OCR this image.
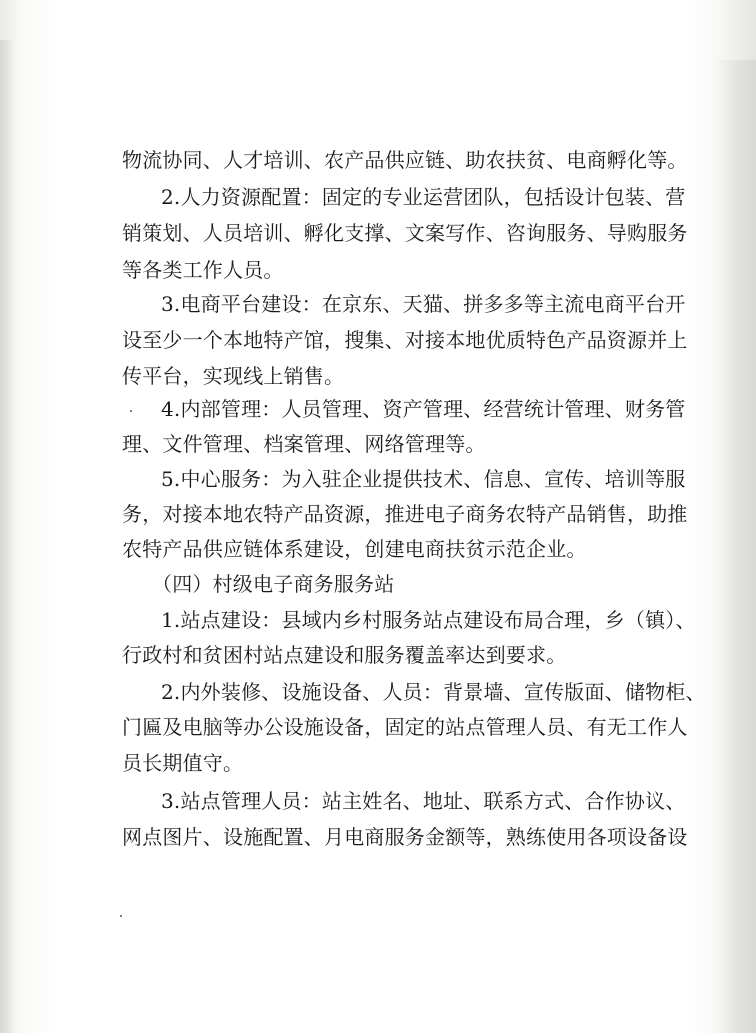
物流协同、人才培训、农产品供应链、助农扶贫、电商孵化等。
2.人力资源配置：固定的专业运营团队，包括设计包装、营
销策划、人员培训、孵化支撑、文案写作、咨询服务、导购服务
等各类工作人员。
3.电商平台建设：在京东、天猫、拼多多等主流电商平台开
设至少一个本地特产馆，搜集、对接本地优质特色产品资源并上
传平台，实现线上销售。
4.内部管理：人员管理、资产管理、经营统计管理、财务管
理、文件管理、档案管理、网络管理等。
5.中心服务：为入驻企业提供技术、信息、宣传、培训等服
务，对接本地农特产品资源，推进电子商务农特产品销售，助推
农特产品供应链体系建设，创建电商扶贫示范企业。
（四）村级电子商务服务站
1.站点建设：县域内乡村服务站点建设布局合理，乡（镇）、
行政村和贫困村站点建设和服务覆盖率达到要求。
2.内外装修、设施设备、人员：背景墙、宣传版面、储物柜、
门匾及电脑等办公设施设备，固定的站点管理人员、有无工作人
员长期值守。
3.站点管理人员：站主姓名、地址、联系方式、合作协议、
网点图片、设施配置、月电商服务金额等，熟练使用各项设备设
